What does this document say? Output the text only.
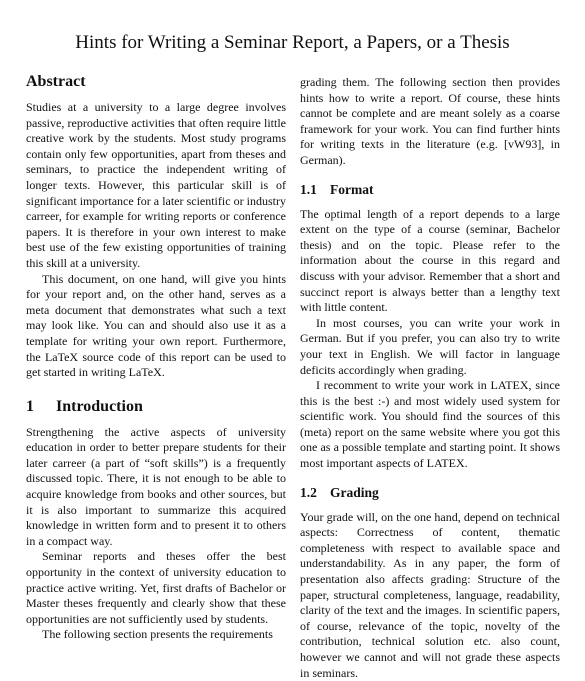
Hints for Writing a Seminar Report, a Papers, or a Thesis
Abstract

Studies at a university to a large degree involves passive, reproductive activities that often require little creative work by the students. Most study programs contain only few opportunities, apart from theses and seminars, to practice the independent writing of longer texts. However, this particular skill is of significant importance for a later scientific or industry carreer, for example for writing reports or conference papers. It is therefore in your own interest to make best use of the few existing opportunities of training this skill at a university.

This document, on one hand, will give you hints for your report and, on the other hand, serves as a meta document that demonstrates what such a text may look like. You can and should also use it as a template for writing your own report. Furthermore, the LaTeX source code of this report can be used to get started in writing LaTeX.

1 Introduction

Strengthening the active aspects of university education in order to better prepare students for their later carreer (a part of “soft skills”) is a frequently discussed topic. There, it is not enough to be able to acquire knowledge from books and other sources, but it is also important to summarize this acquired knowledge in written form and to present it to others in a compact way.

Seminar reports and theses offer the best opportunity in the context of university education to practice active writing. Yet, first drafts of Bachelor or Master theses frequently and clearly show that these opportunities are not sufficiently used by students.

The following section presents the requirements

grading them. The following section then provides hints how to write a report. Of course, these hints cannot be complete and are meant solely as a coarse framework for your work. You can find further hints for writing texts in the literature (e.g. [vW93], in German).

1.1 Format

The optimal length of a report depends to a large extent on the type of a course (seminar, Bachelor thesis) and on the topic. Please refer to the information about the course in this regard and discuss with your advisor. Remember that a short and succinct report is always better than a lengthy text with little content.

In most courses, you can write your work in German. But if you prefer, you can also try to write your text in English. We will factor in language deficits accordingly when grading.

I recomment to write your work in LATEX, since this is the best :-) and most widely used system for scientific work. You should find the sources of this (meta) report on the same website where you got this one as a possible template and starting point. It shows most important aspects of LATEX.

1.2 Grading

Your grade will, on the one hand, depend on technical aspects: Correctness of content, thematic completeness with respect to available space and understandability. As in any paper, the form of presentation also affects grading: Structure of the paper, structural completeness, language, readability, clarity of the text and the images. In scientific papers, of course, relevance of the topic, novelty of the contribution, technical solution etc. also count, however we cannot and will not grade these aspects in seminars.
